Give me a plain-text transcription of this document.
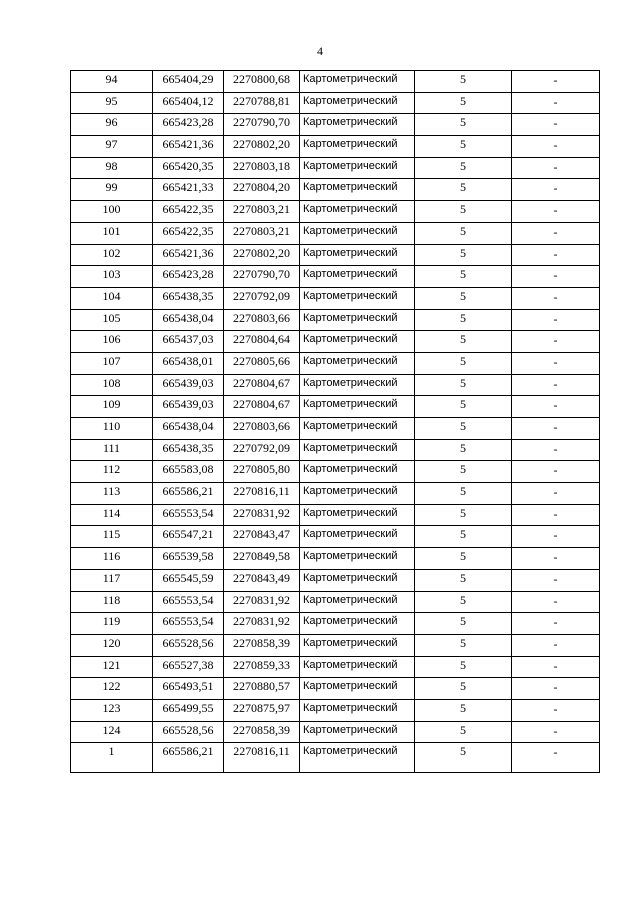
4
94	665404,29	2270800,68	Картометрический	5	-
95	665404,12	2270788,81	Картометрический	5	-
96	665423,28	2270790,70	Картометрический	5	-
97	665421,36	2270802,20	Картометрический	5	-
98	665420,35	2270803,18	Картометрический	5	-
99	665421,33	2270804,20	Картометрический	5	-
100	665422,35	2270803,21	Картометрический	5	-
101	665422,35	2270803,21	Картометрический	5	-
102	665421,36	2270802,20	Картометрический	5	-
103	665423,28	2270790,70	Картометрический	5	-
104	665438,35	2270792,09	Картометрический	5	-
105	665438,04	2270803,66	Картометрический	5	-
106	665437,03	2270804,64	Картометрический	5	-
107	665438,01	2270805,66	Картометрический	5	-
108	665439,03	2270804,67	Картометрический	5	-
109	665439,03	2270804,67	Картометрический	5	-
110	665438,04	2270803,66	Картометрический	5	-
111	665438,35	2270792,09	Картометрический	5	-
112	665583,08	2270805,80	Картометрический	5	-
113	665586,21	2270816,11	Картометрический	5	-
114	665553,54	2270831,92	Картометрический	5	-
115	665547,21	2270843,47	Картометрический	5	-
116	665539,58	2270849,58	Картометрический	5	-
117	665545,59	2270843,49	Картометрический	5	-
118	665553,54	2270831,92	Картометрический	5	-
119	665553,54	2270831,92	Картометрический	5	-
120	665528,56	2270858,39	Картометрический	5	-
121	665527,38	2270859,33	Картометрический	5	-
122	665493,51	2270880,57	Картометрический	5	-
123	665499,55	2270875,97	Картометрический	5	-
124	665528,56	2270858,39	Картометрический	5	-
1	665586,21	2270816,11	Картометрический	5	-
